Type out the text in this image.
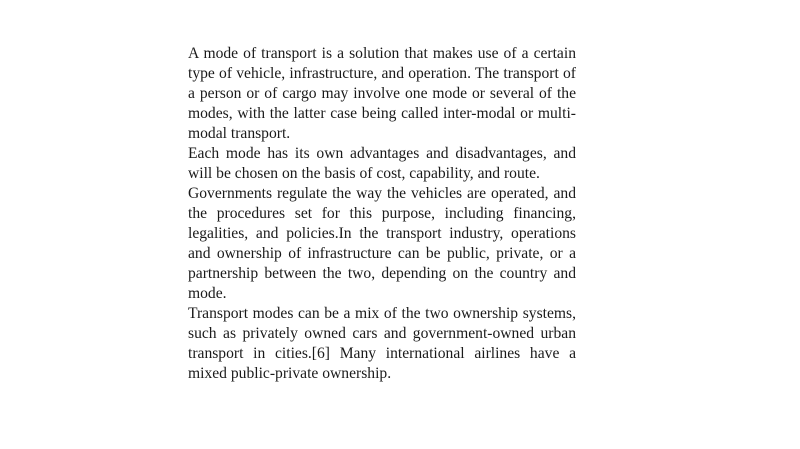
A mode of transport is a solution that makes use of a certain type of vehicle, infrastructure, and operation. The transport of a person or of cargo may involve one mode or several of the modes, with the latter case being called inter-modal or multi-modal transport.

Each mode has its own advantages and disadvantages, and will be chosen on the basis of cost, capability, and route.

Governments regulate the way the vehicles are operated, and the procedures set for this purpose, including financing, legalities, and policies.In the transport industry, operations and ownership of infrastructure can be public, private, or a partnership between the two, depending on the country and mode.

Transport modes can be a mix of the two ownership systems, such as privately owned cars and government-owned urban transport in cities.[6] Many international airlines have a mixed public-private ownership.
